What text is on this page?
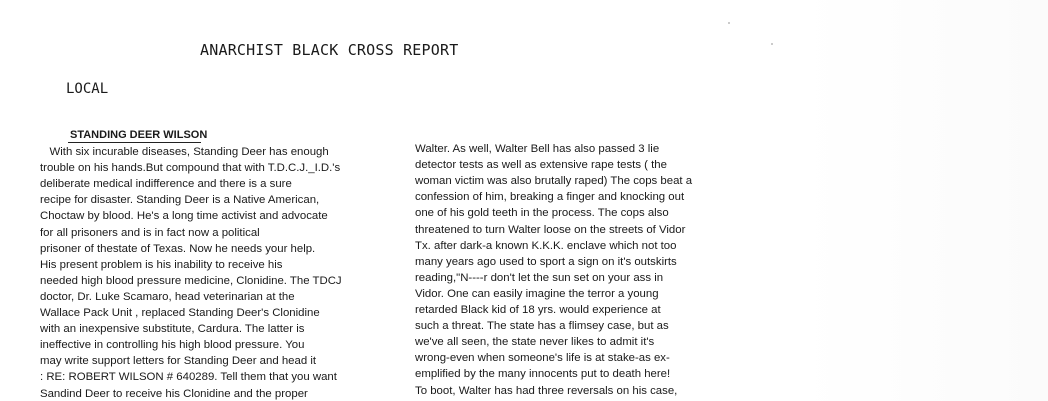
ANARCHIST BLACK CROSS REPORT
LOCAL
STANDING DEER WILSON
With six incurable diseases, Standing Deer has enough
trouble on his hands.But compound that with T.D.C.J._I.D.'s
deliberate medical indifference and there is a sure
recipe for disaster. Standing Deer is a Native American,
Choctaw by blood. He's a long time activist and advocate
for all prisoners and is in fact now a political
prisoner of thestate of Texas. Now he needs your help.
His present problem is his inability to receive his
needed high blood pressure medicine, Clonidine. The TDCJ
doctor, Dr. Luke Scamaro, head veterinarian at the
Wallace Pack Unit , replaced Standing Deer's Clonidine
with an inexpensive substitute, Cardura. The latter is
ineffective in controlling his high blood pressure. You
may write support letters for Standing Deer and head it
: RE: ROBERT WILSON # 640289. Tell them that you want
Sandind Deer to receive his Clonidine and the proper
Walter. As well, Walter Bell has also passed 3 lie
detector tests as well as extensive rape tests ( the
woman victim was also brutally raped) The cops beat a
confession of him, breaking a finger and knocking out
one of his gold teeth in the process. The cops also
threatened to turn Walter loose on the streets of Vidor
Tx. after dark-a known K.K.K. enclave which not too
many years ago used to sport a sign on it's outskirts
reading,"N----r don't let the sun set on your ass in
Vidor. One can easily imagine the terror a young
retarded Black kid of 18 yrs. would experience at
such a threat. The state has a flimsey case, but as
we've all seen, the state never likes to admit it's
wrong-even when someone's life is at stake-as ex-
emplified by the many innocents put to death here!
To boot, Walter has had three reversals on his case,
